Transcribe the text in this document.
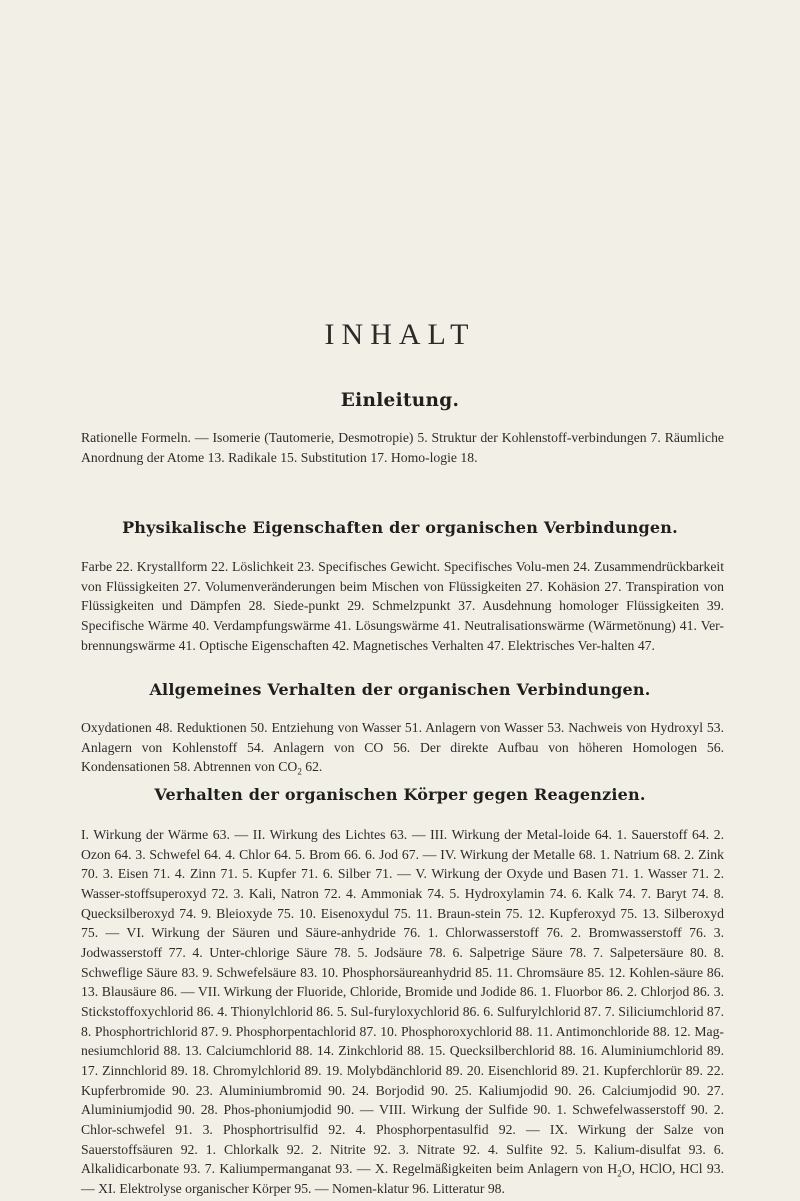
INHALT
Einleitung.

Rationelle Formeln. — Isomerie (Tautomerie, Desmotropie) 5. Struktur der Kohlenstoff-verbindungen 7. Räumliche Anordnung der Atome 13. Radikale 15. Substitution 17. Homo-logie 18.

Physikalische Eigenschaften der organischen Verbindungen.

Farbe 22. Krystallform 22. Löslichkeit 23. Specifisches Gewicht. Specifisches Volu-men 24. Zusammendrückbarkeit von Flüssigkeiten 27. Volumenveränderungen beim Mischen von Flüssigkeiten 27. Kohäsion 27. Transpiration von Flüssigkeiten und Dämpfen 28. Siede-punkt 29. Schmelzpunkt 37. Ausdehnung homologer Flüssigkeiten 39. Specifische Wärme 40. Verdampfungswärme 41. Lösungswärme 41. Neutralisationswärme (Wärmetönung) 41. Ver-brennungswärme 41. Optische Eigenschaften 42. Magnetisches Verhalten 47. Elektrisches Ver-halten 47.

Allgemeines Verhalten der organischen Verbindungen.

Oxydationen 48. Reduktionen 50. Entziehung von Wasser 51. Anlagern von Wasser 53. Nachweis von Hydroxyl 53. Anlagern von Kohlenstoff 54. Anlagern von CO 56. Der direkte Aufbau von höheren Homologen 56. Kondensationen 58. Abtrennen von $CO_2$ 62.

Verhalten der organischen Körper gegen Reagenzien.

I. Wirkung der Wärme 63. — II. Wirkung des Lichtes 63. — III. Wirkung der Metal-loide 64. 1. Sauerstoff 64. 2. Ozon 64. 3. Schwefel 64. 4. Chlor 64. 5. Brom 66. 6. Jod 67. — IV. Wirkung der Metalle 68. 1. Natrium 68. 2. Zink 70. 3. Eisen 71. 4. Zinn 71. 5. Kupfer 71. 6. Silber 71. — V. Wirkung der Oxyde und Basen 71. 1. Wasser 71. 2. Wasser-stoffsuperoxyd 72. 3. Kali, Natron 72. 4. Ammoniak 74. 5. Hydroxylamin 74. 6. Kalk 74. 7. Baryt 74. 8. Quecksilberoxyd 74. 9. Bleioxyde 75. 10. Eisenoxydul 75. 11. Braun-stein 75. 12. Kupferoxyd 75. 13. Silberoxyd 75. — VI. Wirkung der Säuren und Säure-anhydride 76. 1. Chlorwasserstoff 76. 2. Bromwasserstoff 76. 3. Jodwasserstoff 77. 4. Unter-chlorige Säure 78. 5. Jodsäure 78. 6. Salpetrige Säure 78. 7. Salpetersäure 80. 8. Schweflige Säure 83. 9. Schwefelsäure 83. 10. Phosphorsäureanhydrid 85. 11. Chromsäure 85. 12. Kohlen-säure 86. 13. Blausäure 86. — VII. Wirkung der Fluoride, Chloride, Bromide und Jodide 86. 1. Fluorbor 86. 2. Chlorjod 86. 3. Stickstoffoxychlorid 86. 4. Thionylchlorid 86. 5. Sul-furyloxychlorid 86. 6. Sulfurylchlorid 87. 7. Siliciumchlorid 87. 8. Phosphortrichlorid 87. 9. Phosphorpentachlorid 87. 10. Phosphoroxychlorid 88. 11. Antimonchloride 88. 12. Mag-nesiumchlorid 88. 13. Calciumchlorid 88. 14. Zinkchlorid 88. 15. Quecksilberchlorid 88. 16. Aluminiumchlorid 89. 17. Zinnchlorid 89. 18. Chromylchlorid 89. 19. Molybdänchlorid 89. 20. Eisenchlorid 89. 21. Kupferchlorür 89. 22. Kupferbromide 90. 23. Aluminiumbromid 90. 24. Borjodid 90. 25. Kaliumjodid 90. 26. Calciumjodid 90. 27. Aluminiumjodid 90. 28. Phos-phoniumjodid 90. — VIII. Wirkung der Sulfide 90. 1. Schwefelwasserstoff 90. 2. Chlor-schwefel 91. 3. Phosphortrisulfid 92. 4. Phosphorpentasulfid 92. — IX. Wirkung der Salze von Sauerstoffsäuren 92. 1. Chlorkalk 92. 2. Nitrite 92. 3. Nitrate 92. 4. Sulfite 92. 5. Kalium-disulfat 93. 6. Alkalidicarbonate 93. 7. Kaliumpermanganat 93. — X. Regelmäßigkeiten beim Anlagern von $H_2O$, HClO, HCl 93. — XI. Elektrolyse organischer Körper 95. — Nomen-klatur 96. Litteratur 98.
